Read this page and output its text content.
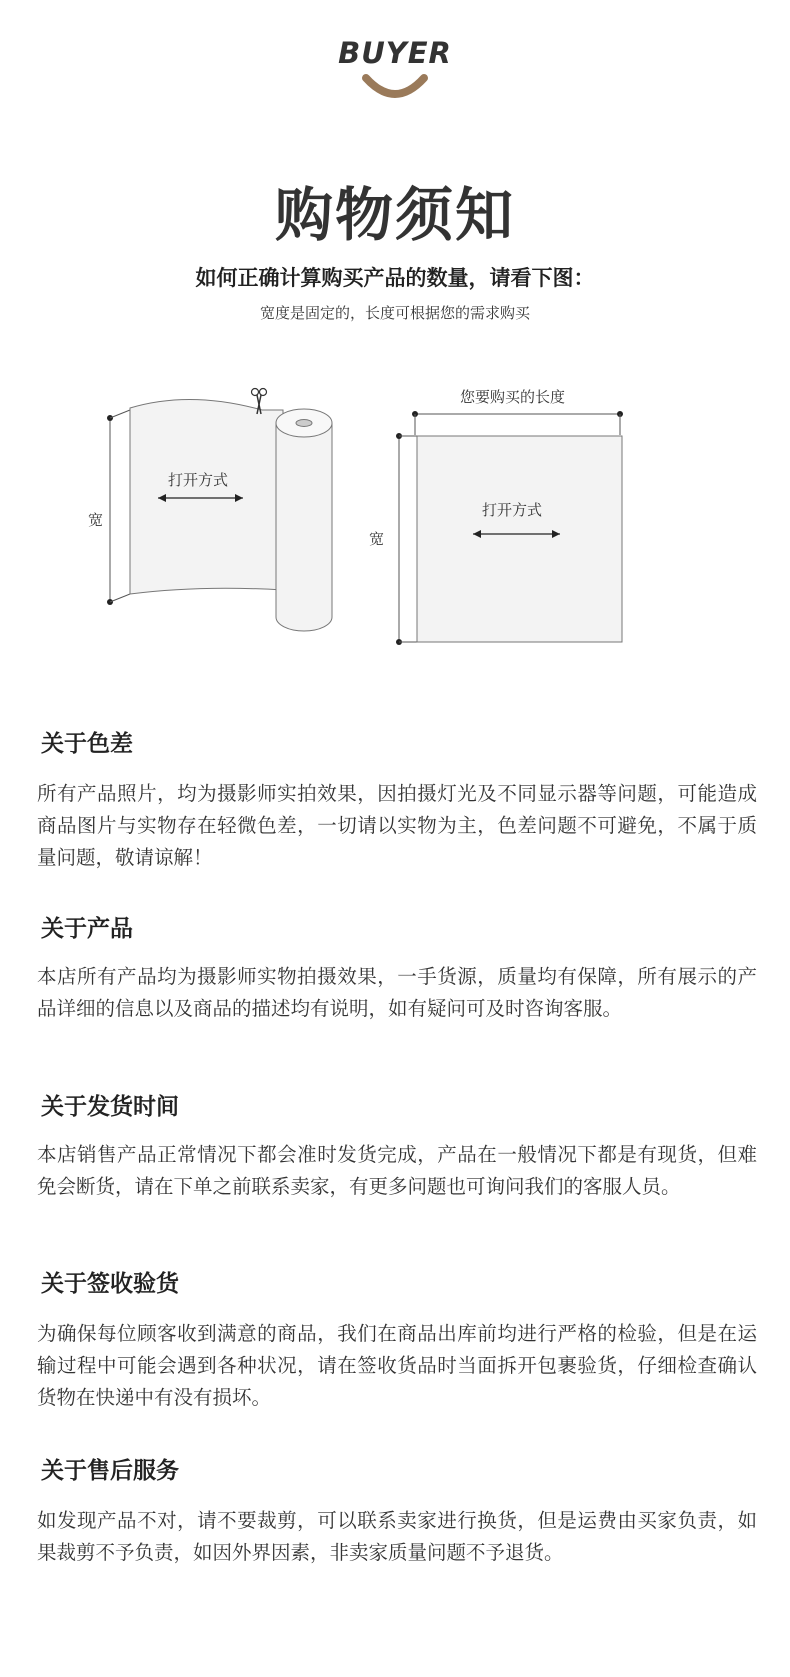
BUYER
购物须知
如何正确计算购买产品的数量，请看下图：
宽度是固定的，长度可根据您的需求购买
宽
打开方式
您要购买的长度
宽
打开方式
关于色差
所有产品照片，均为摄影师实拍效果，因拍摄灯光及不同显示器等问题，可能造成商品图片与实物存在轻微色差，一切请以实物为主，色差问题不可避免，不属于质量问题，敬请谅解！
关于产品
本店所有产品均为摄影师实物拍摄效果，一手货源，质量均有保障，所有展示的产品详细的信息以及商品的描述均有说明，如有疑问可及时咨询客服。
关于发货时间
本店销售产品正常情况下都会准时发货完成，产品在一般情况下都是有现货，但难免会断货，请在下单之前联系卖家，有更多问题也可询问我们的客服人员。
关于签收验货
为确保每位顾客收到满意的商品，我们在商品出库前均进行严格的检验，但是在运输过程中可能会遇到各种状况，请在签收货品时当面拆开包裹验货，仔细检查确认货物在快递中有没有损坏。
关于售后服务
如发现产品不对，请不要裁剪，可以联系卖家进行换货，但是运费由买家负责，如果裁剪不予负责，如因外界因素，非卖家质量问题不予退货。
